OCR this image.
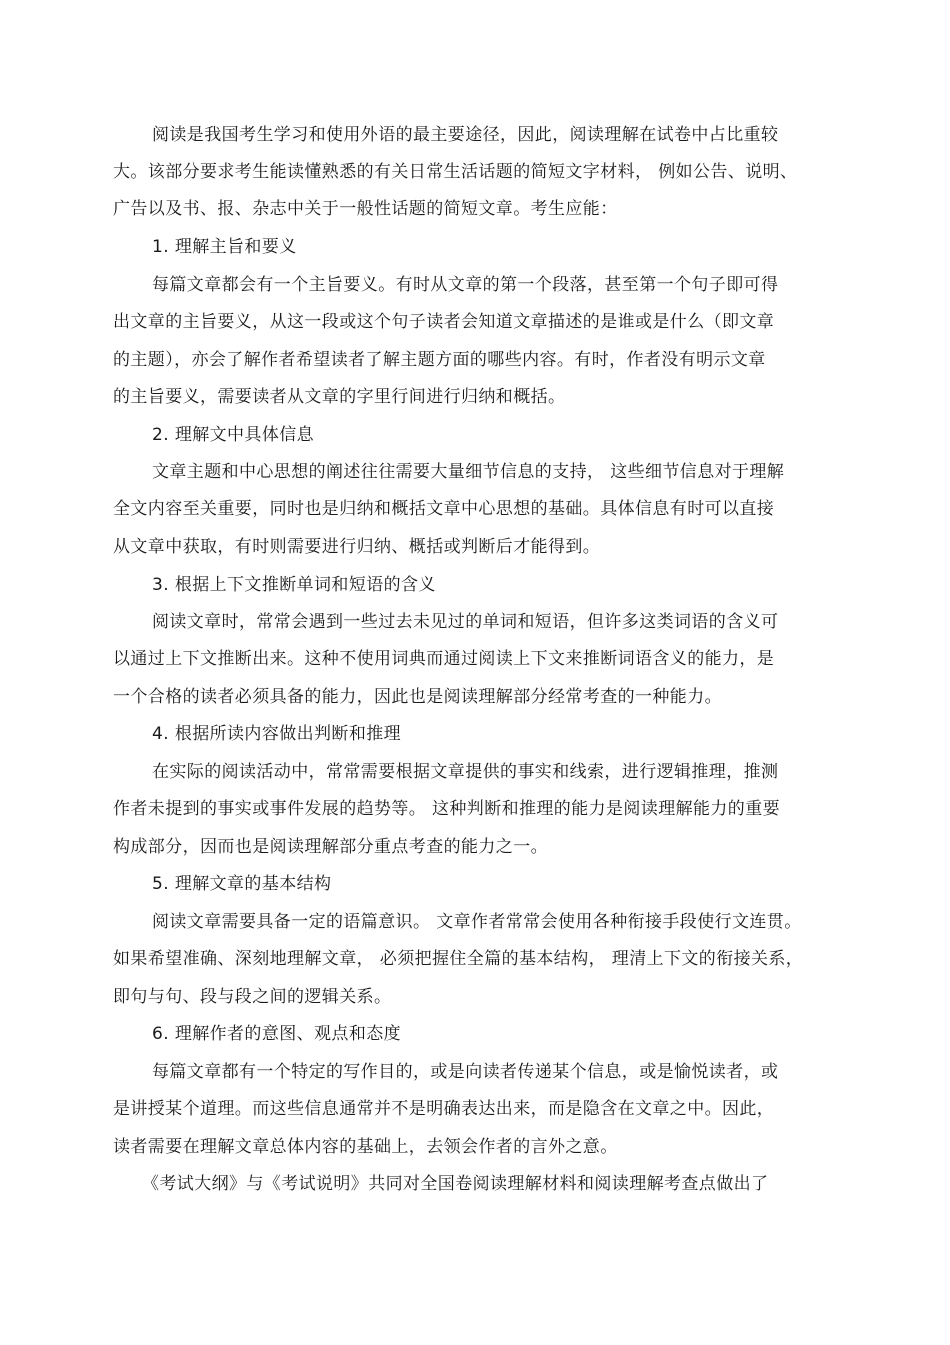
阅读是我国考生学习和使用外语的最主要途径，因此，阅读理解在试卷中占比重较
大。该部分要求考生能读懂熟悉的有关日常生活话题的简短文字材料， 例如公告、说明、
广告以及书、报、杂志中关于一般性话题的简短文章。考生应能：
1. 理解主旨和要义
每篇文章都会有一个主旨要义。有时从文章的第一个段落，甚至第一个句子即可得
出文章的主旨要义，从这一段或这个句子读者会知道文章描述的是谁或是什么（即文章
的主题），亦会了解作者希望读者了解主题方面的哪些内容。有时，作者没有明示文章
的主旨要义，需要读者从文章的字里行间进行归纳和概括。
2. 理解文中具体信息
文章主题和中心思想的阐述往往需要大量细节信息的支持， 这些细节信息对于理解
全文内容至关重要，同时也是归纳和概括文章中心思想的基础。具体信息有时可以直接
从文章中获取，有时则需要进行归纳、概括或判断后才能得到。
3. 根据上下文推断单词和短语的含义
阅读文章时，常常会遇到一些过去未见过的单词和短语，但许多这类词语的含义可
以通过上下文推断出来。这种不使用词典而通过阅读上下文来推断词语含义的能力，是
一个合格的读者必须具备的能力，因此也是阅读理解部分经常考查的一种能力。
4. 根据所读内容做出判断和推理
在实际的阅读活动中，常常需要根据文章提供的事实和线索，进行逻辑推理，推测
作者未提到的事实或事件发展的趋势等。 这种判断和推理的能力是阅读理解能力的重要
构成部分，因而也是阅读理解部分重点考查的能力之一。
5. 理解文章的基本结构
阅读文章需要具备一定的语篇意识。 文章作者常常会使用各种衔接手段使行文连贯。
如果希望准确、深刻地理解文章， 必须把握住全篇的基本结构， 理清上下文的衔接关系，
即句与句、段与段之间的逻辑关系。
6. 理解作者的意图、观点和态度
每篇文章都有一个特定的写作目的，或是向读者传递某个信息，或是愉悦读者，或
是讲授某个道理。而这些信息通常并不是明确表达出来，而是隐含在文章之中。因此，
读者需要在理解文章总体内容的基础上，去领会作者的言外之意。
《考试大纲》与《考试说明》共同对全国卷阅读理解材料和阅读理解考查点做出了
